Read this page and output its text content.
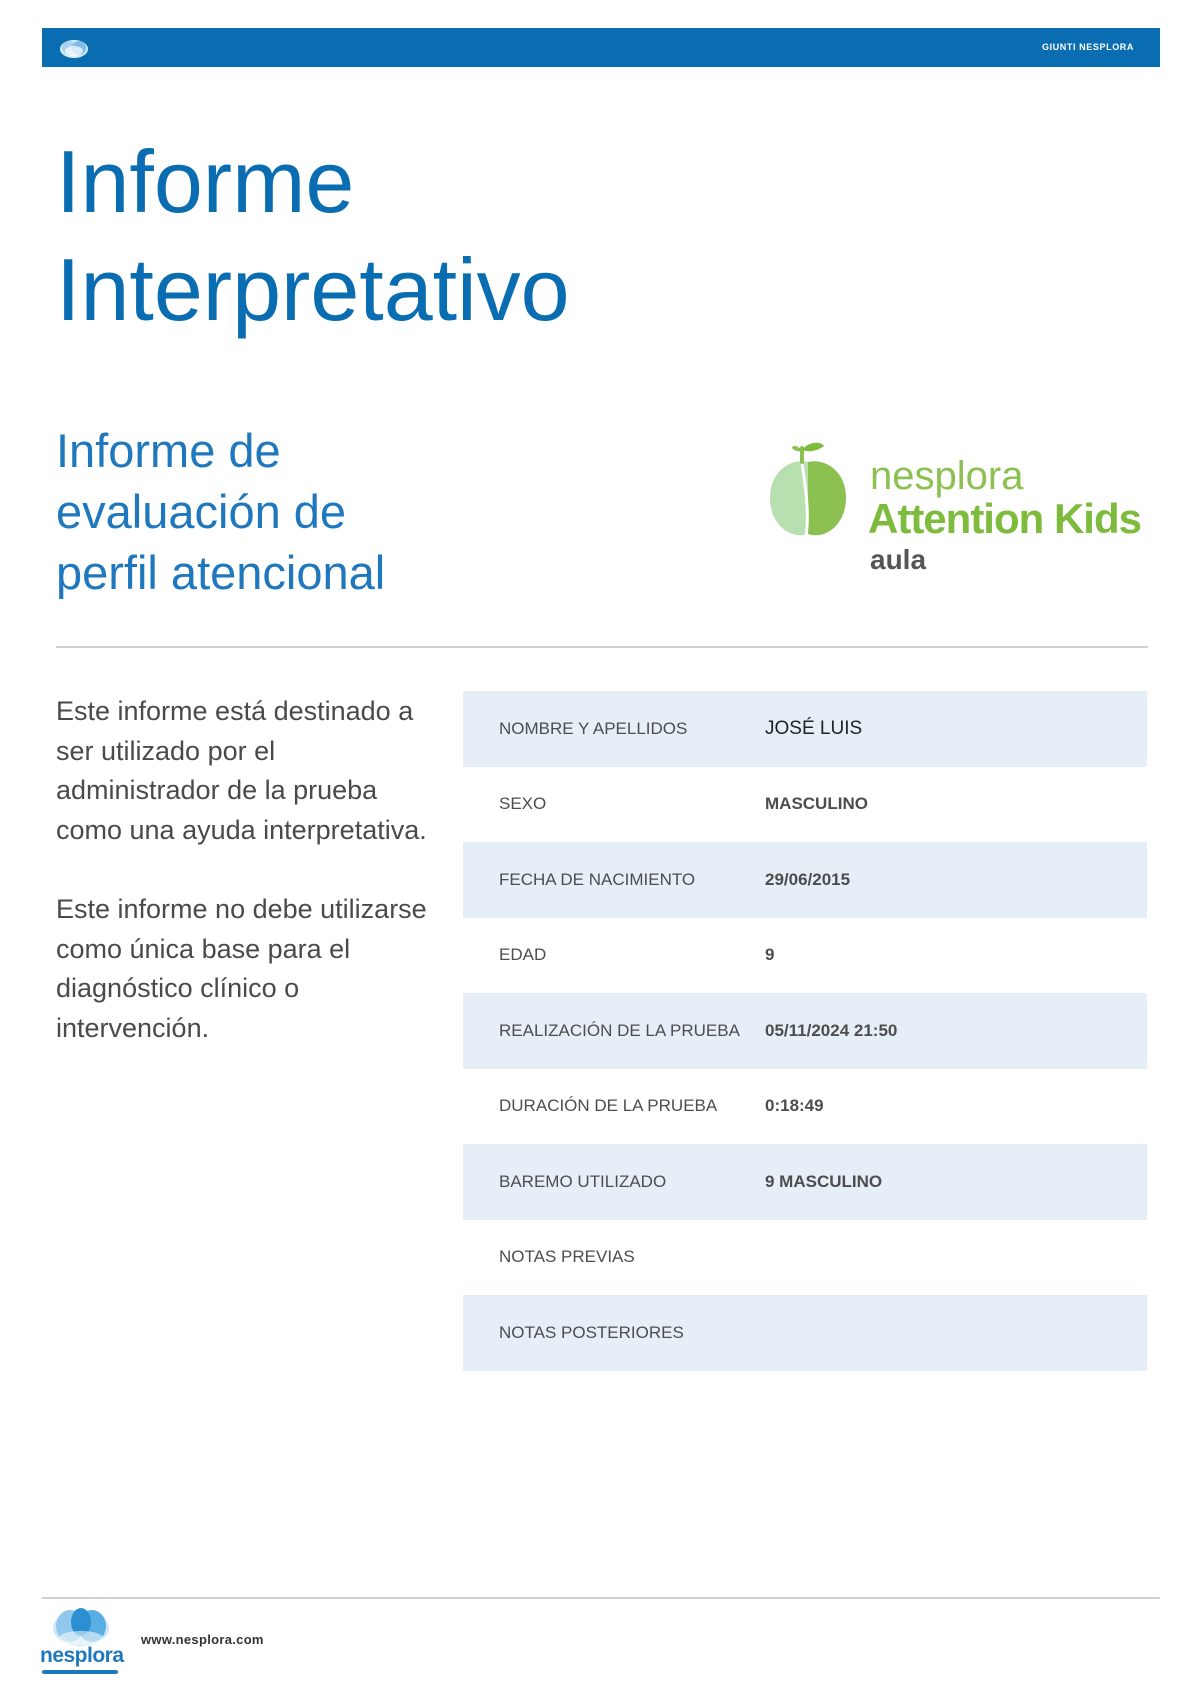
GIUNTI NESPLORA
Informe
Interpretativo
Informe de
evaluación de
perfil atencional
nesplora
Attention Kids
aula

Este informe está destinado a ser utilizado por el administrador de la prueba como una ayuda interpretativa.

Este informe no debe utilizarse como única base para el diagnóstico clínico o intervención.

NOMBRE Y APELLIDOS	JOSÉ LUIS
SEXO	MASCULINO
FECHA DE NACIMIENTO	29/06/2015
EDAD	9
REALIZACIÓN DE LA PRUEBA	05/11/2024 21:50
DURACIÓN DE LA PRUEBA	0:18:49
BAREMO UTILIZADO	9 MASCULINO
NOTAS PREVIAS
NOTAS POSTERIORES
nesplora
www.nesplora.com
